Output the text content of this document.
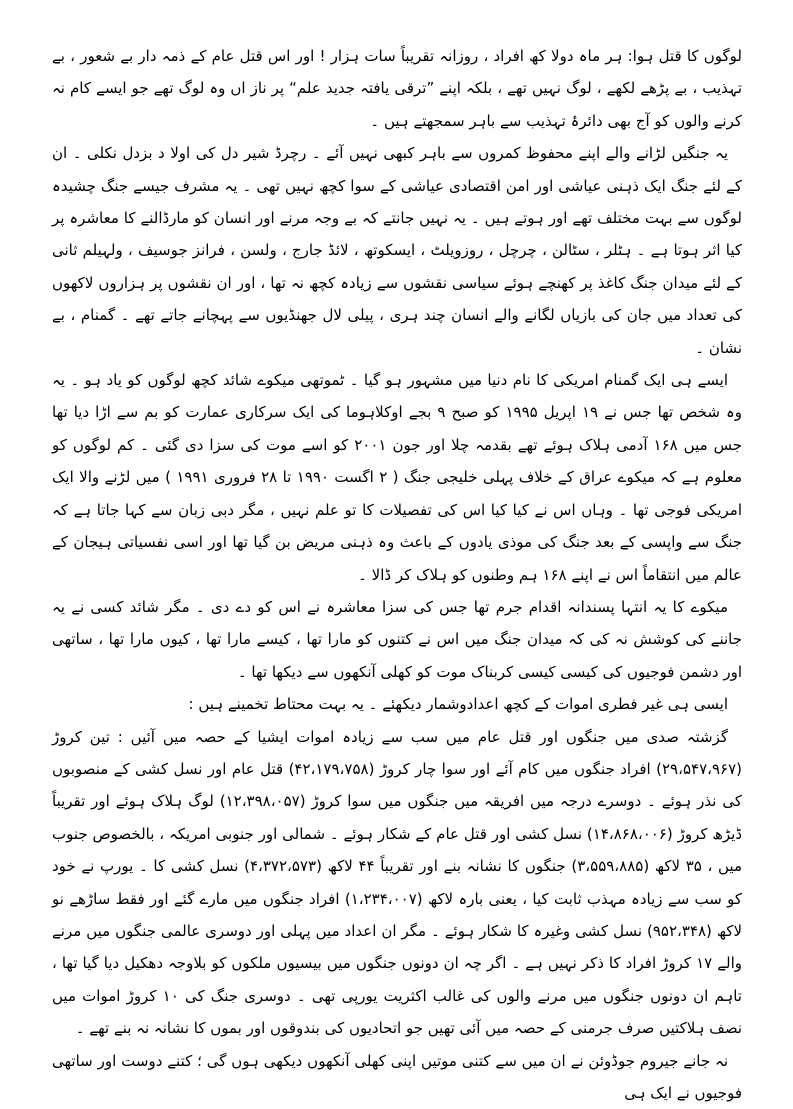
لوگوں کا قتل ہوا: ہر ماہ دولا کھ افراد ، روزانہ تقریباً سات ہزار ! اور اس قتل عام کے ذمہ دار بے شعور ، بے تہذیب ، بے پڑھے لکھے ، لوگ نہیں تھے ، بلکہ اپنے ”ترقی یافتہ جدید علم“ پر ناز اں وہ لوگ تھے جو ایسے کام نہ کرنے والوں کو آج بھی دائرۂ تہذیب سے باہر سمجھتے ہیں ۔

یہ جنگیں لڑانے والے اپنے محفوظ کمروں سے باہر کبھی نہیں آئے ۔ رچرڈ شیر دل کی اولا د بزدل نکلی ۔ ان کے لئے جنگ ایک ذہنی عیاشی اور امن اقتصادی عیاشی کے سوا کچھ نہیں تھی ۔ یہ مشرف جیسے جنگ چشیدہ لوگوں سے بہت مختلف تھے اور ہوتے ہیں ۔ یہ نہیں جانتے کہ بے وجہ مرنے اور انسان کو مارڈالنے کا معاشرہ پر کیا اثر ہوتا ہے ۔ ہٹلر ، سٹالن ، چرچل ، روزویلٹ ، ایسکوتھ ، لائڈ جارج ، ولسن ، فرانز جوسیف ، ولہیلم ثانی کے لئے میدان جنگ کاغذ پر کھنچے ہوئے سیاسی نقشوں سے زیادہ کچھ نہ تھا ، اور ان نقشوں پر ہزاروں لاکھوں کی تعداد میں جان کی بازیاں لگانے والے انسان چند ہری ، پیلی لال جھنڈیوں سے پہچانے جاتے تھے ۔ گمنام ، بے نشان ۔

ایسے ہی ایک گمنام امریکی کا نام دنیا میں مشہور ہو گیا ۔ ٹموتھی میکوے شائد کچھ لوگوں کو یاد ہو ۔ یہ وہ شخص تھا جس نے ۱۹ اپریل ۱۹۹۵ کو صبح ۹ بجے اوکلاہوما کی ایک سرکاری عمارت کو بم سے اڑا دیا تھا جس میں ۱۶۸ آدمی ہلاک ہوئے تھے بقدمہ چلا اور جون ۲۰۰۱ کو اسے موت کی سزا دی گئی ۔ کم لوگوں کو معلوم ہے کہ میکوے عراق کے خلاف پہلی خلیجی جنگ ( ۲ اگست ۱۹۹۰ تا ۲۸ فروری ۱۹۹۱ ) میں لڑنے والا ایک امریکی فوجی تھا ۔ وہاں اس نے کیا کیا اس کی تفصیلات کا تو علم نہیں ، مگر دبی زبان سے کہا جاتا ہے کہ جنگ سے واپسی کے بعد جنگ کی موذی یادوں کے باعث وہ ذہنی مریض بن گیا تھا اور اسی نفسیاتی ہیجان کے عالم میں انتقاماً اس نے اپنے ۱۶۸ ہم وطنوں کو ہلاک کر ڈالا ۔

میکوے کا یہ انتہا پسندانہ اقدام جرم تھا جس کی سزا معاشرہ نے اس کو دے دی ۔ مگر شائد کسی نے یہ جاننے کی کوشش نہ کی کہ میدان جنگ میں اس نے کتنوں کو مارا تھا ، کیسے مارا تھا ، کیوں مارا تھا ، ساتھی اور دشمن فوجیوں کی کیسی کیسی کربناک موت کو کھلی آنکھوں سے دیکھا تھا ۔

ایسی ہی غیر فطری اموات کے کچھ اعدادوشمار دیکھئے ۔ یہ بہت محتاط تخمینے ہیں :

گزشتہ صدی میں جنگوں اور قتل عام میں سب سے زیادہ اموات ایشیا کے حصہ میں آئیں : تین کروڑ (۲۹،۵۴۷،۹۶۷) افراد جنگوں میں کام آئے اور سوا چار کروڑ (۴۲،۱۷۹،۷۵۸) قتل عام اور نسل کشی کے منصوبوں کی نذر ہوئے ۔ دوسرے درجہ میں افریقہ میں جنگوں میں سوا کروڑ (۱۲،۳۹۸،۰۵۷) لوگ ہلاک ہوئے اور تقریباً ڈیڑھ کروڑ (۱۴،۸۶۸،۰۰۶) نسل کشی اور قتل عام کے شکار ہوئے ۔ شمالی اور جنوبی امریکہ ، بالخصوص جنوب میں ، ۳۵ لاکھ (۳،۵۵۹،۸۸۵) جنگوں کا نشانہ بنے اور تقریباً ۴۴ لاکھ (۴،۳۷۲،۵۷۳) نسل کشی کا ۔ یورپ نے خود کو سب سے زیادہ مہذب ثابت کیا ، یعنی بارہ لاکھ (۱،۲۳۴،۰۰۷) افراد جنگوں میں مارے گئے اور فقط ساڑھے نو لاکھ (۹۵۲،۳۴۸) نسل کشی وغیرہ کا شکار ہوئے ۔ مگر ان اعداد میں پہلی اور دوسری عالمی جنگوں میں مرنے والے ۱۷ کروڑ افراد کا ذکر نہیں ہے ۔ اگر چہ ان دونوں جنگوں میں بیسیوں ملکوں کو بلاوجہ دھکیل دیا گیا تھا ، تاہم ان دونوں جنگوں میں مرنے والوں کی غالب اکثریت یورپی تھی ۔ دوسری جنگ کی ۱۰ کروڑ اموات میں نصف ہلاکتیں صرف جرمنی کے حصہ میں آئی تھیں جو اتحادیوں کی بندوقوں اور بموں کا نشانہ نہ بنے تھے ۔

نہ جانے جیروم جوڈوئن نے ان میں سے کتنی موتیں اپنی کھلی آنکھوں دیکھی ہوں گی ؛ کتنے دوست اور ساتھی فوجیوں نے ایک ہی
